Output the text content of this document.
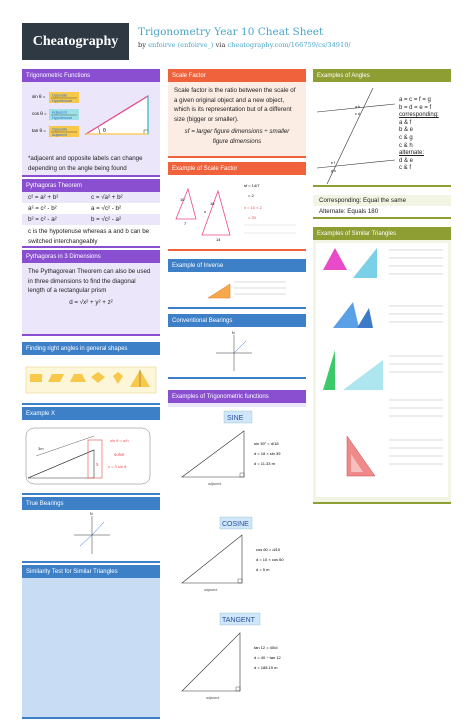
Cheatography
Trigonometry Year 10 Cheat Sheet
by enfoirve (enfoirve_) via cheatography.com/166759/cs/34910/
Trigonometric Functions
sin θ = Opposite
Hypotenuse
cos θ = Adjacent
Hypotenuse
tan θ = Opposite
Adjacent
θ
*adjacent and opposite labels can change depending on the angle being found
Pythagoras Theorem
c² = a² + b²	c = √a² + b²
a² = c² - b²	a = √c² - b²
b² = c² - a²	b = √c² - a²
c is the hypotenuse whereas a and b can be switched interchangeably
Pythagoras in 3 Dimensions
The Pythagorean Theorem can also be used in three dimensions to find the diagonal length of a rectangular prism
d = √x² + y² + z²
Finding right angles in general shapes
Example X
3m
x
sin θ = o/h
solve
x = 3 sin θ
True Bearings
N
Similarity Test for Similar Triangles
Scale Factor
Scale factor is the ratio between the scale of a given original object and a new object, which is its representation but of a different size (bigger or smaller).
sf = larger figure dimensions ÷ smaller figure dimensions
Example of Scale Factor
10
7
16
14
x
sf = 14/7
= 2
x = 10 × 2
= 20
Example of Inverse
Conventional Bearings
N
Examples of Trigonometric functions
SINE
sin 39° = d/18
d = 18 × sin 39
d = 11.33 m
adjacent
COSINE
cos 60 = d/10
d = 10 × cos 60
d = 5 m
adjacent
TANGENT
tan 12 = 40/d
d = 40 ÷ tan 12
d = 188.19 m
adjacent
Examples of Angles
a b
c d
e f
g h
a = c = f = g
b = d = e = f
corresponding:
a & f
b & e
c & g
c & h
alternate:
d & e
c & f
Corresponding: Equal the same
Alternate: Equals 180
Examples of Similar Triangles
